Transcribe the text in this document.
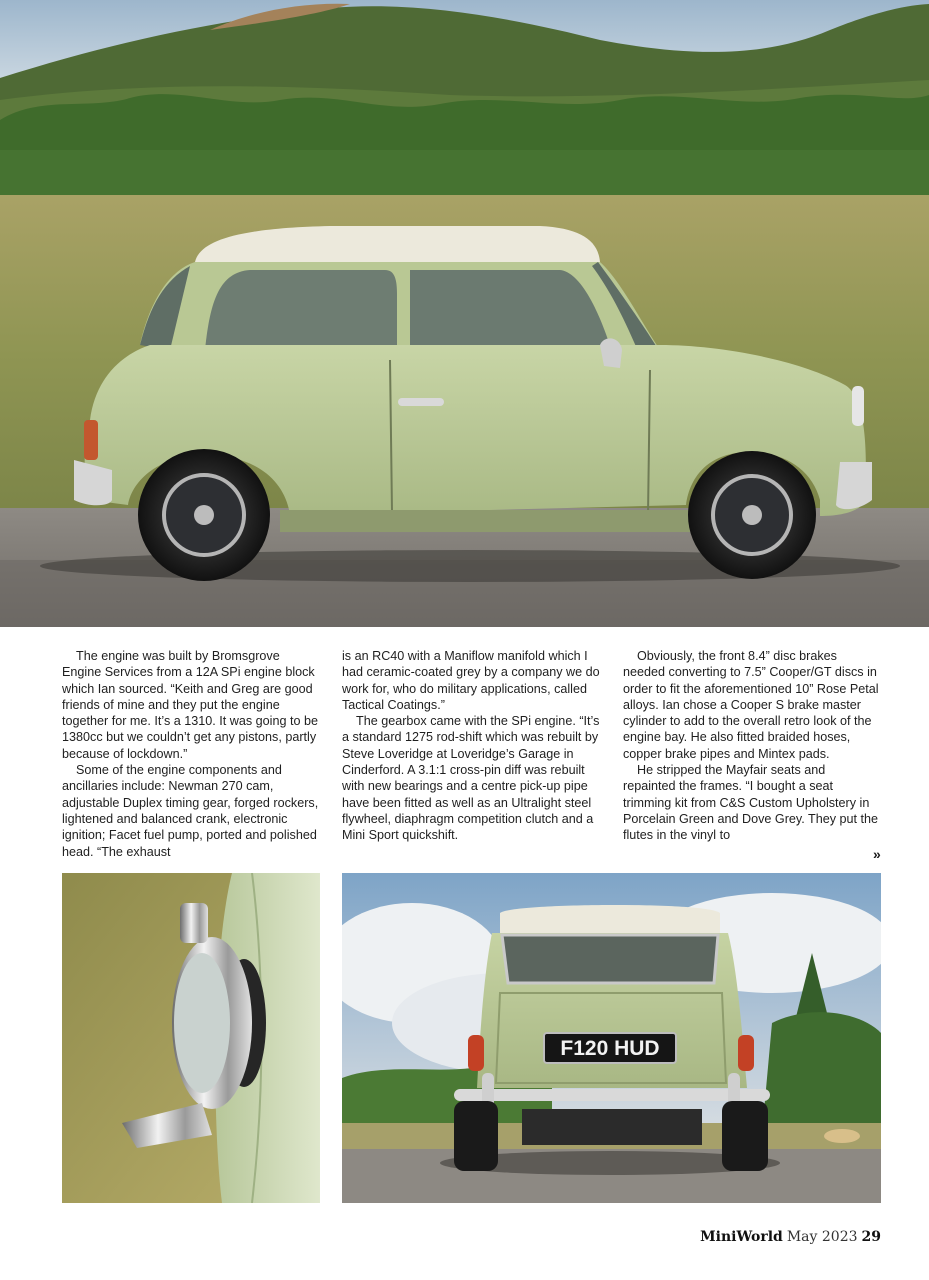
The engine was built by Bromsgrove Engine Services from a 12A SPi engine block which Ian sourced. “Keith and Greg are good friends of mine and they put the engine together for me. It’s a 1310. It was going to be 1380cc but we couldn’t get any pistons, partly because of lockdown.”

Some of the engine components and ancillaries include: Newman 270 cam, adjustable Duplex timing gear, forged rockers, lightened and balanced crank, electronic ignition; Facet fuel pump, ported and polished head. “The exhaust

is an RC40 with a Maniflow manifold which I had ceramic-coated grey by a company we do work for, who do military applications, called Tactical Coatings.”

The gearbox came with the SPi engine. “It’s a standard 1275 rod-shift which was rebuilt by Steve Loveridge at Loveridge’s Garage in Cinderford. A 3.1:1 cross-pin diff was rebuilt with new bearings and a centre pick-up pipe have been fitted as well as an Ultralight steel flywheel, diaphragm competition clutch and a Mini Sport quickshift.

Obviously, the front 8.4” disc brakes needed converting to 7.5” Cooper/GT discs in order to fit the aforementioned 10” Rose Petal alloys. Ian chose a Cooper S brake master cylinder to add to the overall retro look of the engine bay. He also fitted braided hoses, copper brake pipes and Mintex pads.

He stripped the Mayfair seats and repainted the frames. “I bought a seat trimming kit from C&S Custom Upholstery in Porcelain Green and Dove Grey. They put the flutes in the vinyl to

»
F120 HUD
MiniWorld May 2023 29
